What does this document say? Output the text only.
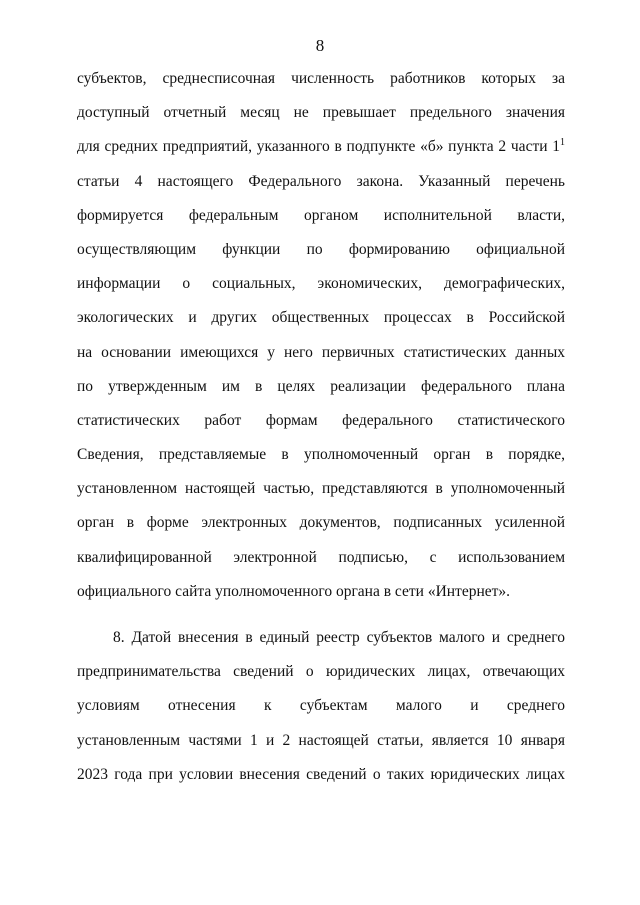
8
субъектов, среднесписочная численность работников которых за
доступный отчетный месяц не превышает предельного значения
для средних предприятий, указанного в подпункте «б» пункта 2 части $1^1$
статьи 4 настоящего Федерального закона. Указанный перечень
формируется федеральным органом исполнительной власти,
осуществляющим функции по формированию официальной
информации о социальных, экономических, демографических,
экологических и других общественных процессах в Российской
на основании имеющихся у него первичных статистических данных
по утвержденным им в целях реализации федерального плана
статистических работ формам федерального статистического
Сведения, представляемые в уполномоченный орган в порядке,
установленном настоящей частью, представляются в уполномоченный
орган в форме электронных документов, подписанных усиленной
квалифицированной электронной подписью, с использованием
официального сайта уполномоченного органа в сети «Интернет».
8. Датой внесения в единый реестр субъектов малого и среднего
предпринимательства сведений о юридических лицах, отвечающих
условиям отнесения к субъектам малого и среднего
установленным частями 1 и 2 настоящей статьи, является 10 января
2023 года при условии внесения сведений о таких юридических лицах
